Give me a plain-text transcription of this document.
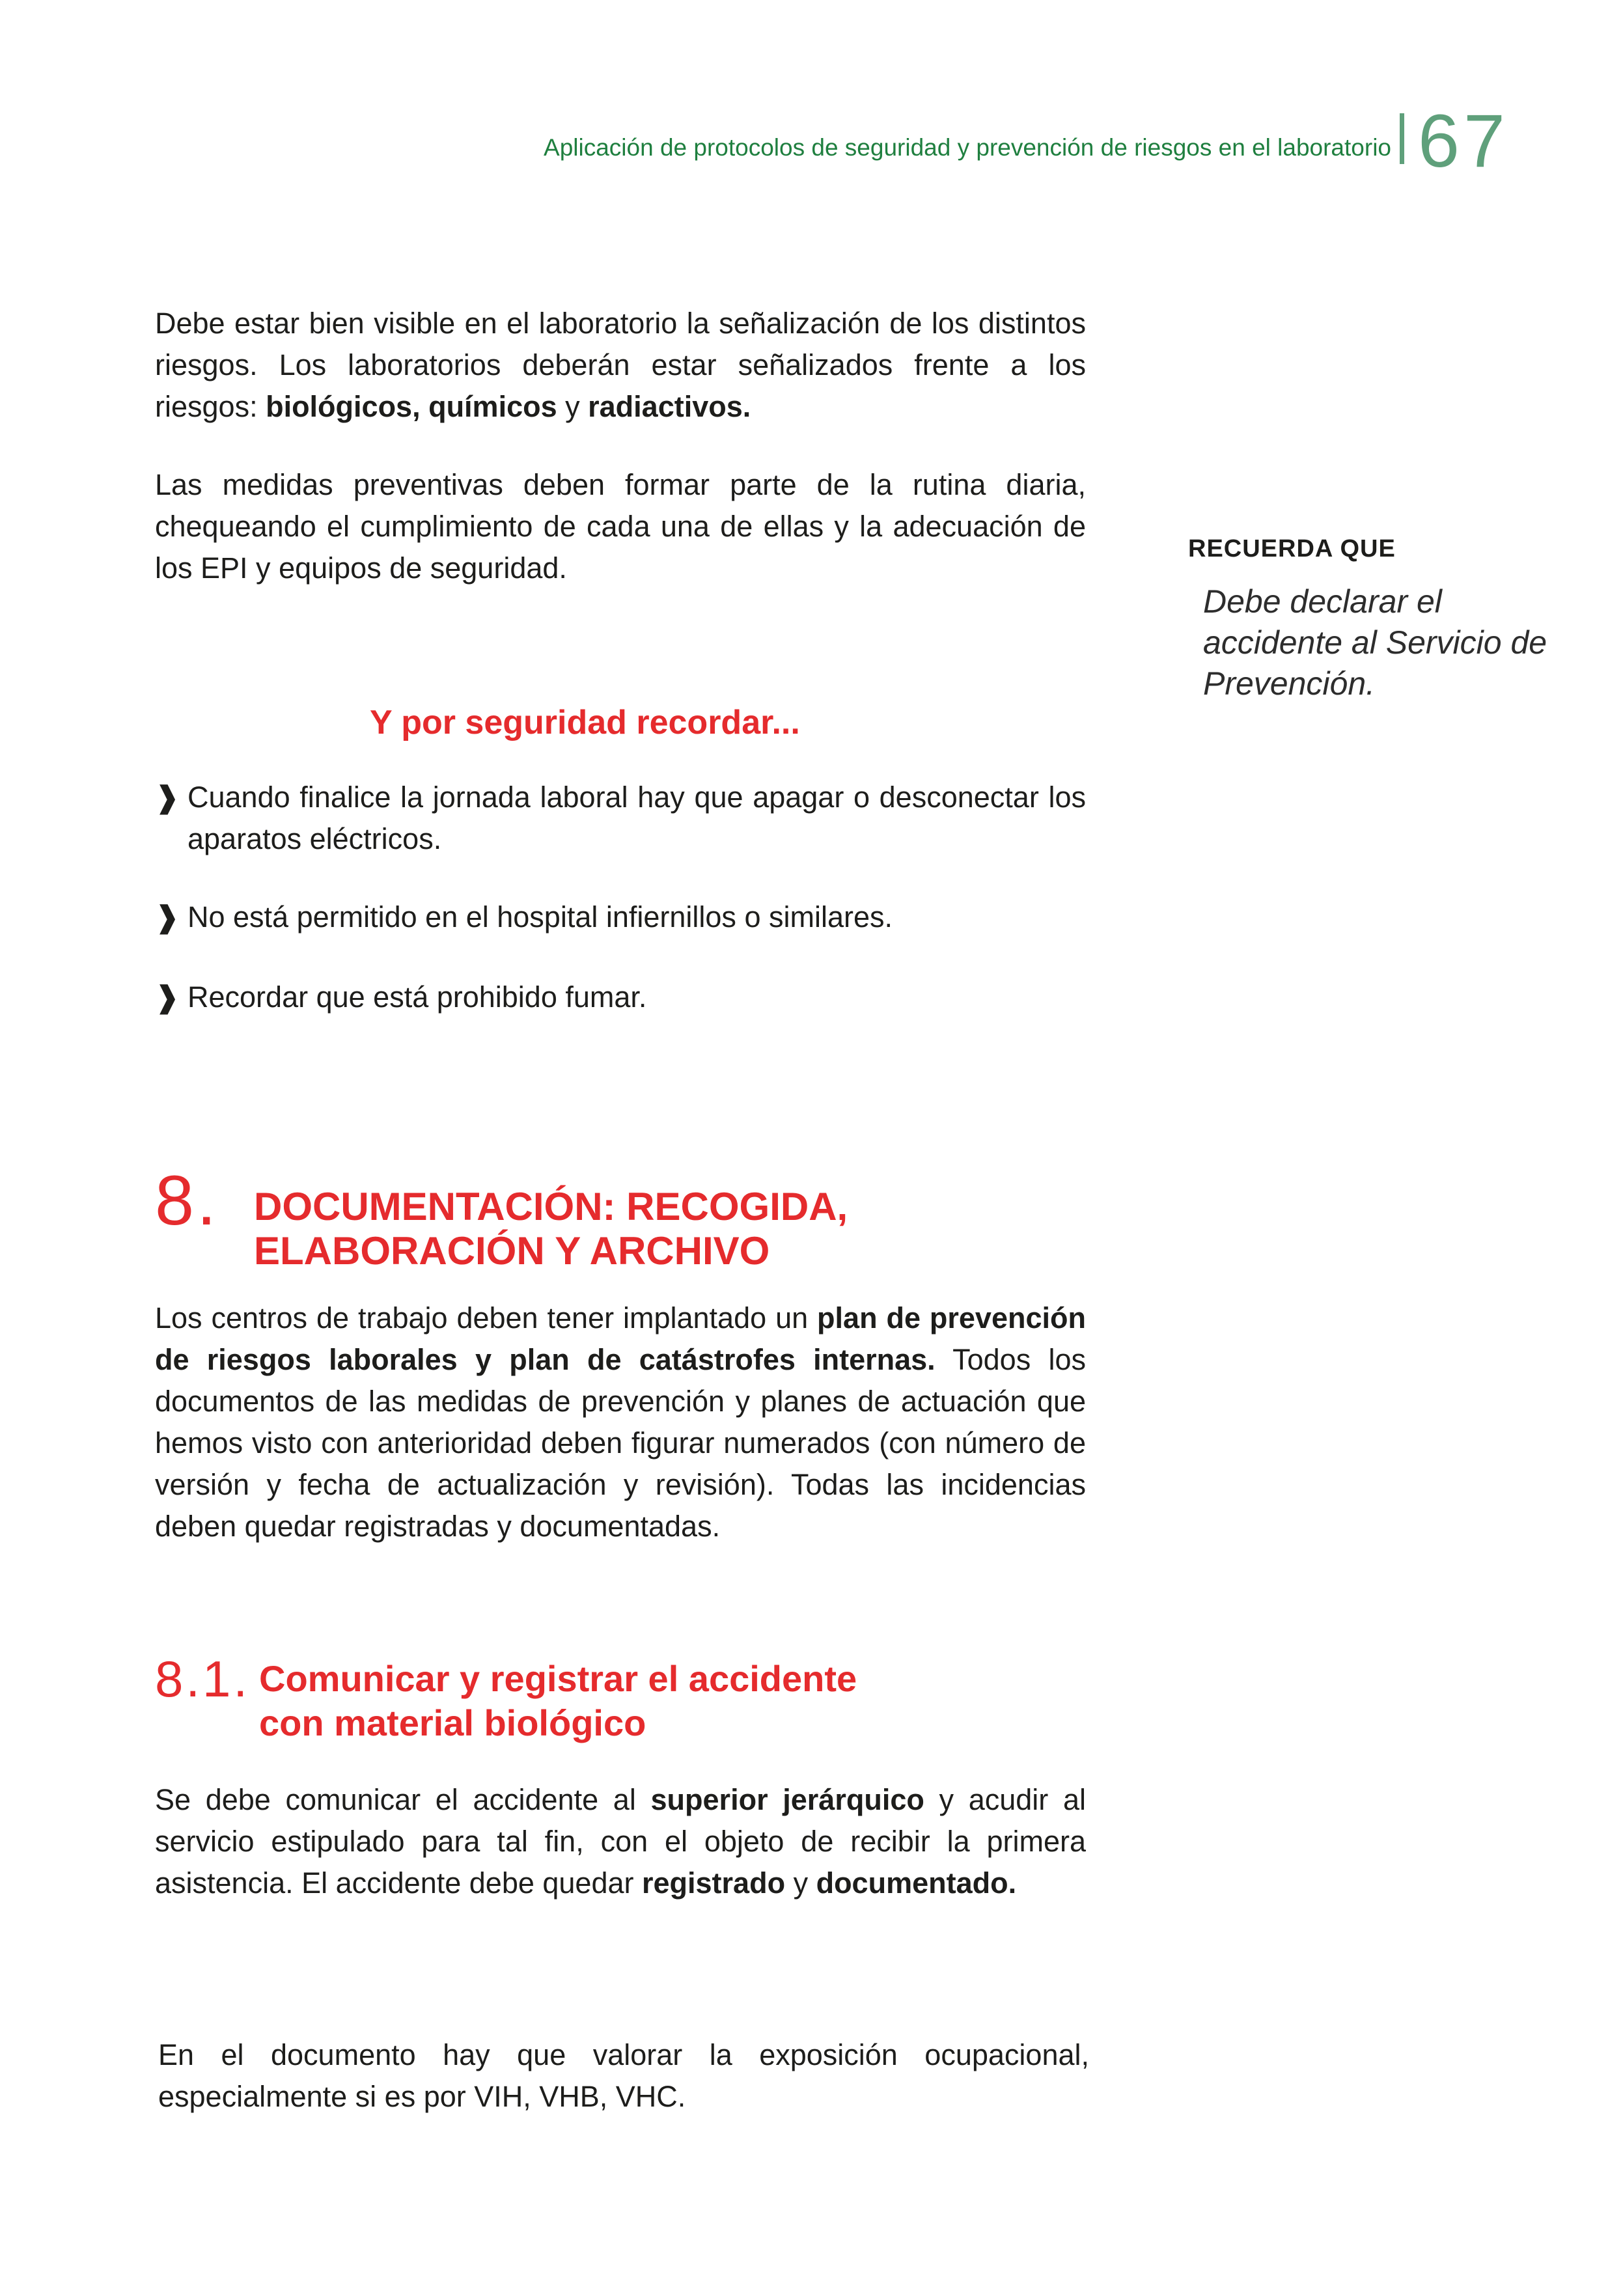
Aplicación de protocolos de seguridad y prevención de riesgos en el laboratorio 67

Debe estar bien visible en el laboratorio la señalización de los distintos riesgos. Los laboratorios deberán estar señalizados frente a los riesgos: biológicos, químicos y radiactivos.

Las medidas preventivas deben formar parte de la rutina diaria, chequeando el cumplimiento de cada una de ellas y la adecuación de los EPI y equipos de seguridad.

RECUERDA QUE
Debe declarar el accidente al Servicio de Prevención.
Y por seguridad recordar...
❱ Cuando finalice la jornada laboral hay que apagar o desconectar los aparatos eléctricos.
❱ No está permitido en el hospital infiernillos o similares.
❱ Recordar que está prohibido fumar.
8. DOCUMENTACIÓN: RECOGIDA,
ELABORACIÓN Y ARCHIVO

Los centros de trabajo deben tener implantado un plan de prevención de riesgos laborales y plan de catástrofes internas. Todos los documentos de las medidas de prevención y planes de actuación que hemos visto con anterioridad deben figurar numerados (con número de versión y fecha de actualización y revisión). Todas las incidencias deben quedar registradas y documentadas.

8.1. Comunicar y registrar el accidente
con material biológico

Se debe comunicar el accidente al superior jerárquico y acudir al servicio estipulado para tal fin, con el objeto de recibir la primera asistencia. El accidente debe quedar registrado y documentado.

En el documento hay que valorar la exposición ocupacional, especialmente si es por VIH, VHB, VHC.
